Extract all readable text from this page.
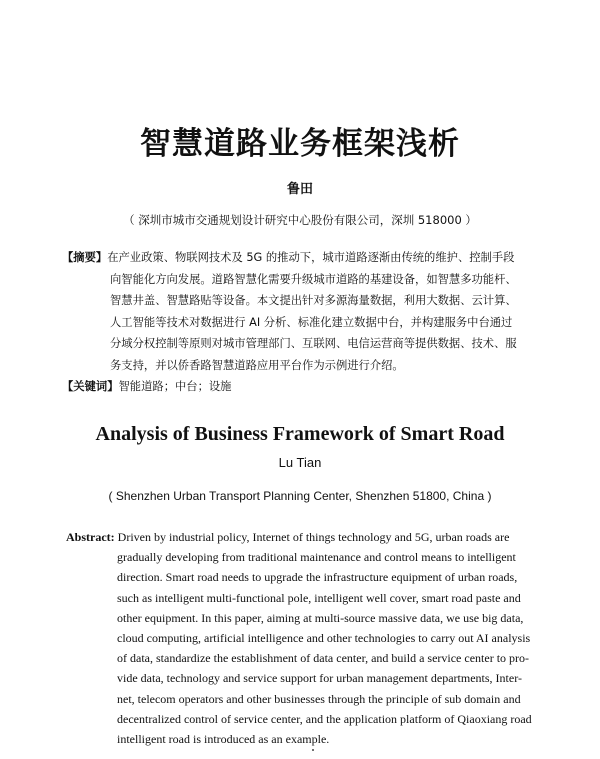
智慧道路业务框架浅析
鲁田
（ 深圳市城市交通规划设计研究中心股份有限公司，深圳 518000 ）
【摘要】在产业政策、物联网技术及 5G 的推动下，城市道路逐渐由传统的维护、控制手段
向智能化方向发展。道路智慧化需要升级城市道路的基建设备，如智慧多功能杆、
智慧井盖、智慧路贴等设备。本文提出针对多源海量数据，利用大数据、云计算、
人工智能等技术对数据进行 AI 分析、标准化建立数据中台，并构建服务中台通过
分域分权控制等原则对城市管理部门、互联网、电信运营商等提供数据、技术、服
务支持，并以侨香路智慧道路应用平台作为示例进行介绍。
【关键词】智能道路；中台；设施
Analysis of Business Framework of Smart Road
Lu Tian
( Shenzhen Urban Transport Planning Center, Shenzhen 51800, China )
Abstract: Driven by industrial policy, Internet of things technology and 5G, urban roads are
gradually developing from traditional maintenance and control means to intelligent
direction. Smart road needs to upgrade the infrastructure equipment of urban roads,
such as intelligent multi-functional pole, intelligent well cover, smart road paste and
other equipment. In this paper, aiming at multi-source massive data, we use big data,
cloud computing, artificial intelligence and other technologies to carry out AI analysis
of data, standardize the establishment of data center, and build a service center to pro-
vide data, technology and service support for urban management departments, Inter-
net, telecom operators and other businesses through the principle of sub domain and
decentralized control of service center, and the application platform of Qiaoxiang road
intelligent road is introduced as an example.
